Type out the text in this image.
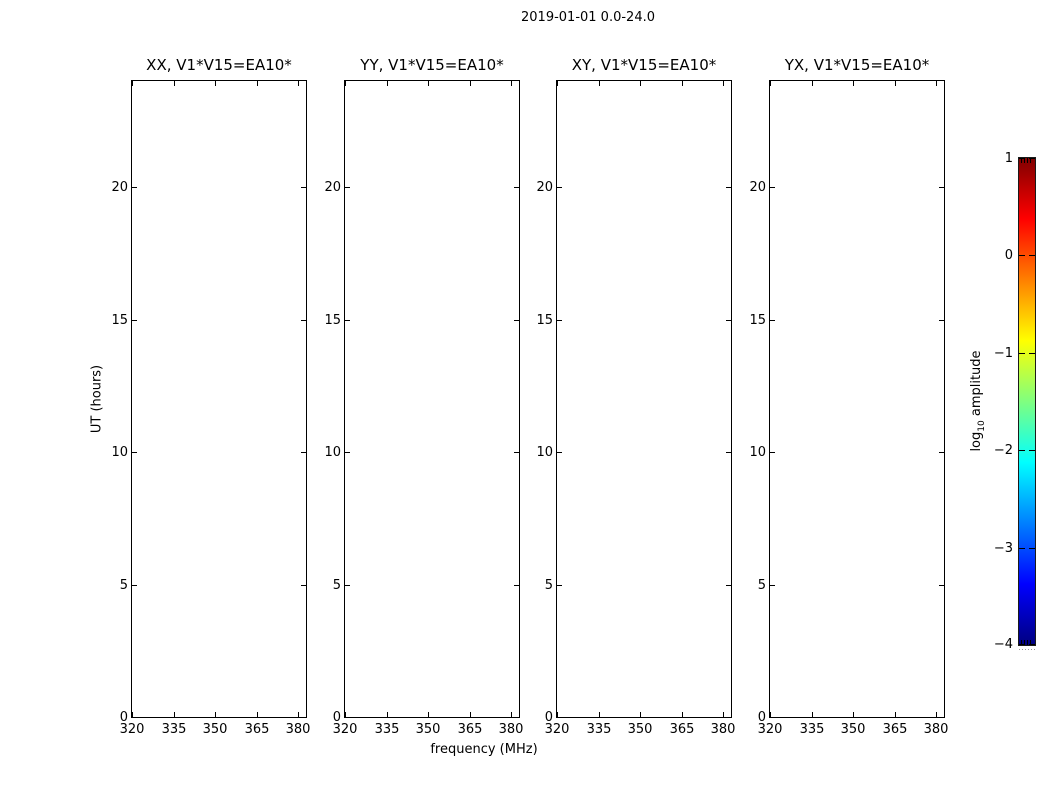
2019-01-01 0.0-24.0
UT (hours)
frequency (MHz)
XX, V1*V15=EA10*
320	335	350	365	380
0
5
10
15
20
YY, V1*V15=EA10*
320	335	350	365	380
0
5
10
15
20
XY, V1*V15=EA10*
320	335	350	365	380
0
5
10
15
20
YX, V1*V15=EA10*
320	335	350	365	380
0
5
10
15
20
1
0
−1
−2
−3
−4
$\log_{10}$ amplitude
